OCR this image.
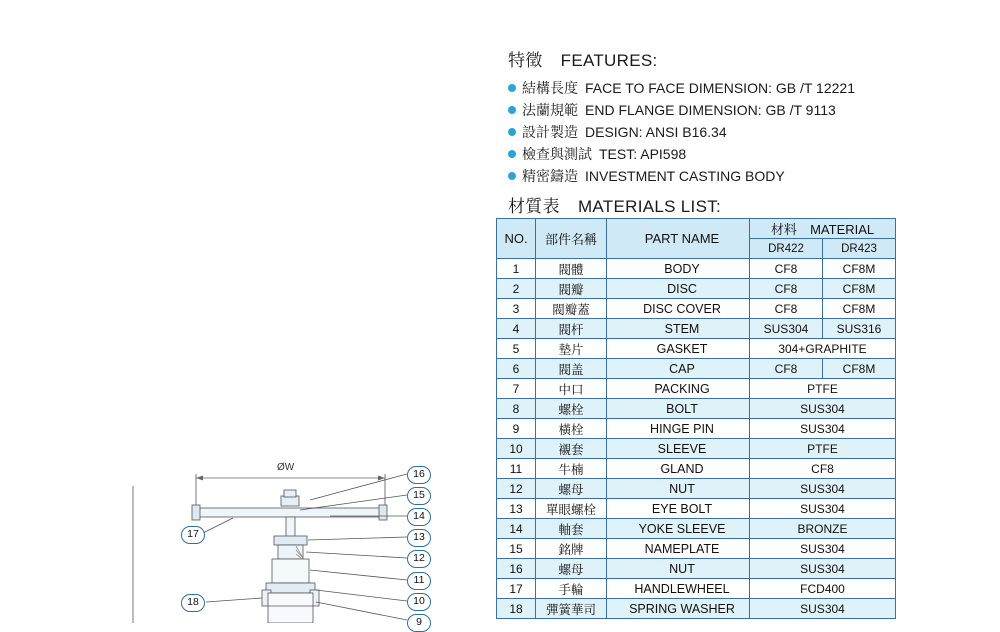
特徵 FEATURES:
結構長度 FACE TO FACE DIMENSION: GB /T 12221
法蘭規範 END FLANGE DIMENSION: GB /T 9113
設計製造 DESIGN: ANSI B16.34
檢查與測試 TEST: API598
精密鑄造 INVESTMENT CASTING BODY
材質表 MATERIALS LIST:
NO.	部件名稱	PART NAME	材料 MATERIAL	
			DR422	DR423
1	閥體	BODY	CF8	CF8M
2	閥瓣	DISC	CF8	CF8M
3	閥瓣蓋	DISC COVER	CF8	CF8M
4	閥杆	STEM	SUS304	SUS316
5	墊片	GASKET	304+GRAPHITE	
6	閥盖	CAP	CF8	CF8M
7	中口	PACKING	PTFE	
8	螺栓	BOLT	SUS304	
9	橫栓	HINGE PIN	SUS304	
10	襯套	SLEEVE	PTFE	
11	牛楠	GLAND	CF8	
12	螺母	NUT	SUS304	
13	單眼螺栓	EYE BOLT	SUS304	
14	軸套	YOKE SLEEVE	BRONZE	
15	銘牌	NAMEPLATE	SUS304	
16	螺母	NUT	SUS304	
17	手輪	HANDLEWHEEL	FCD400	
18	彈簧華司	SPRING WASHER	SUS304	
ØW
16
15
14
13
12
11
10
9
17
18
